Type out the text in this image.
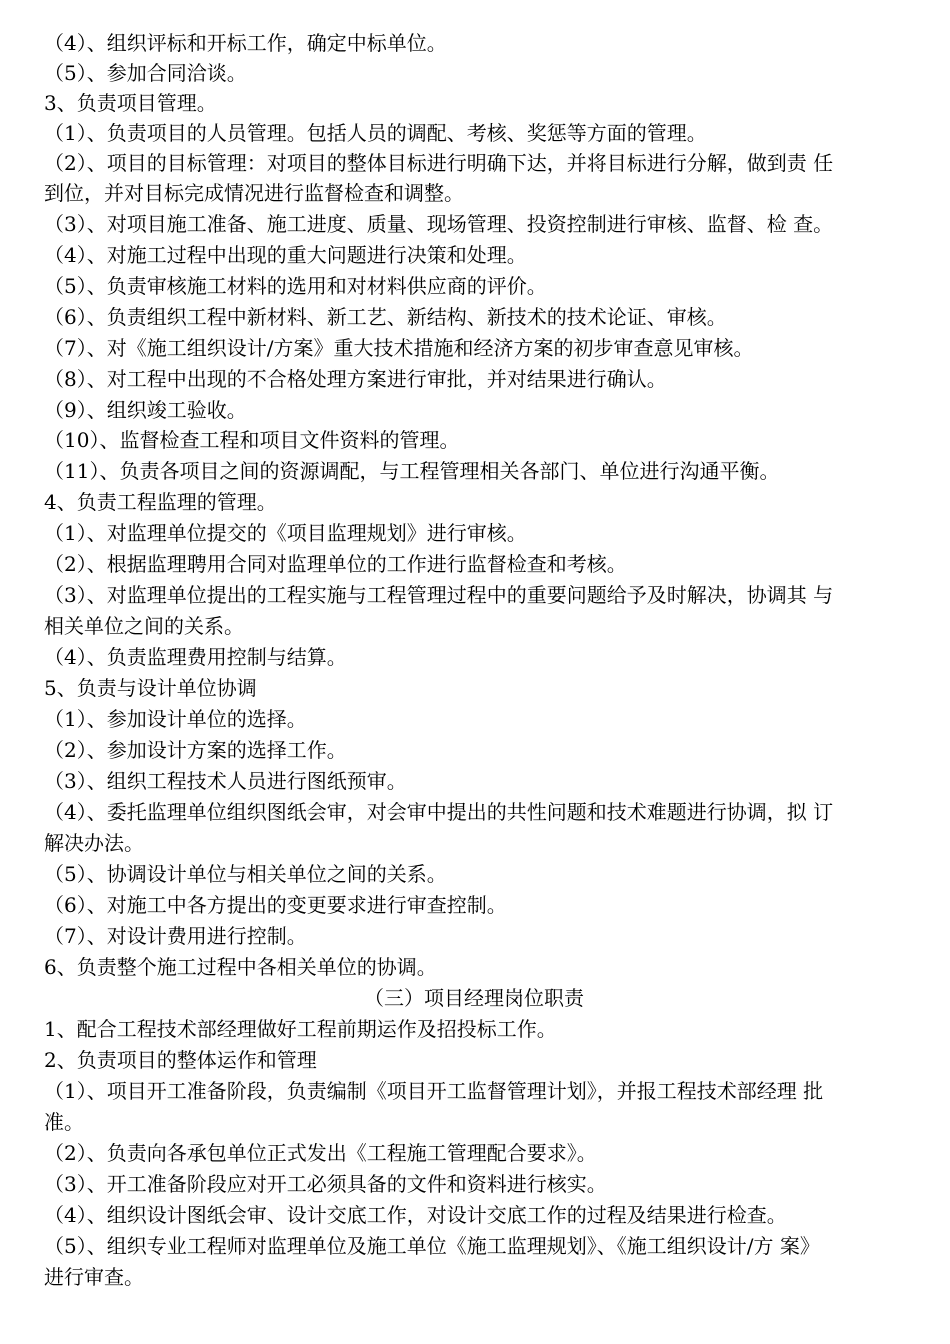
（4）、组织评标和开标工作，确定中标单位。
（5）、参加合同洽谈。
3、负责项目管理。
（1）、负责项目的人员管理。包括人员的调配、考核、奖惩等方面的管理。
（2）、项目的目标管理：对项目的整体目标进行明确下达，并将目标进行分解，做到责 任
到位，并对目标完成情况进行监督检查和调整。
（3）、对项目施工准备、施工进度、质量、现场管理、投资控制进行审核、监督、检 查。
（4）、对施工过程中出现的重大问题进行决策和处理。
（5）、负责审核施工材料的选用和对材料供应商的评价。
（6）、负责组织工程中新材料、新工艺、新结构、新技术的技术论证、审核。
（7）、对《施工组织设计/方案》重大技术措施和经济方案的初步审查意见审核。
（8）、对工程中出现的不合格处理方案进行审批，并对结果进行确认。
（9）、组织竣工验收。
（10）、监督检查工程和项目文件资料的管理。
（11）、负责各项目之间的资源调配，与工程管理相关各部门、单位进行沟通平衡。
4、负责工程监理的管理。
（1）、对监理单位提交的《项目监理规划》进行审核。
（2）、根据监理聘用合同对监理单位的工作进行监督检查和考核。
（3）、对监理单位提出的工程实施与工程管理过程中的重要问题给予及时解决，协调其 与
相关单位之间的关系。
（4）、负责监理费用控制与结算。
5、负责与设计单位协调
（1）、参加设计单位的选择。
（2）、参加设计方案的选择工作。
（3）、组织工程技术人员进行图纸预审。
（4）、委托监理单位组织图纸会审，对会审中提出的共性问题和技术难题进行协调，拟 订
解决办法。
（5）、协调设计单位与相关单位之间的关系。
（6）、对施工中各方提出的变更要求进行审查控制。
（7）、对设计费用进行控制。
6、负责整个施工过程中各相关单位的协调。
（三）项目经理岗位职责
1、配合工程技术部经理做好工程前期运作及招投标工作。
2、负责项目的整体运作和管理
（1）、项目开工准备阶段，负责编制《项目开工监督管理计划》，并报工程技术部经理 批
准。
（2）、负责向各承包单位正式发出《工程施工管理配合要求》。
（3）、开工准备阶段应对开工必须具备的文件和资料进行核实。
（4）、组织设计图纸会审、设计交底工作，对设计交底工作的过程及结果进行检查。
（5）、组织专业工程师对监理单位及施工单位《施工监理规划》、《施工组织设计/方 案》
进行审查。
